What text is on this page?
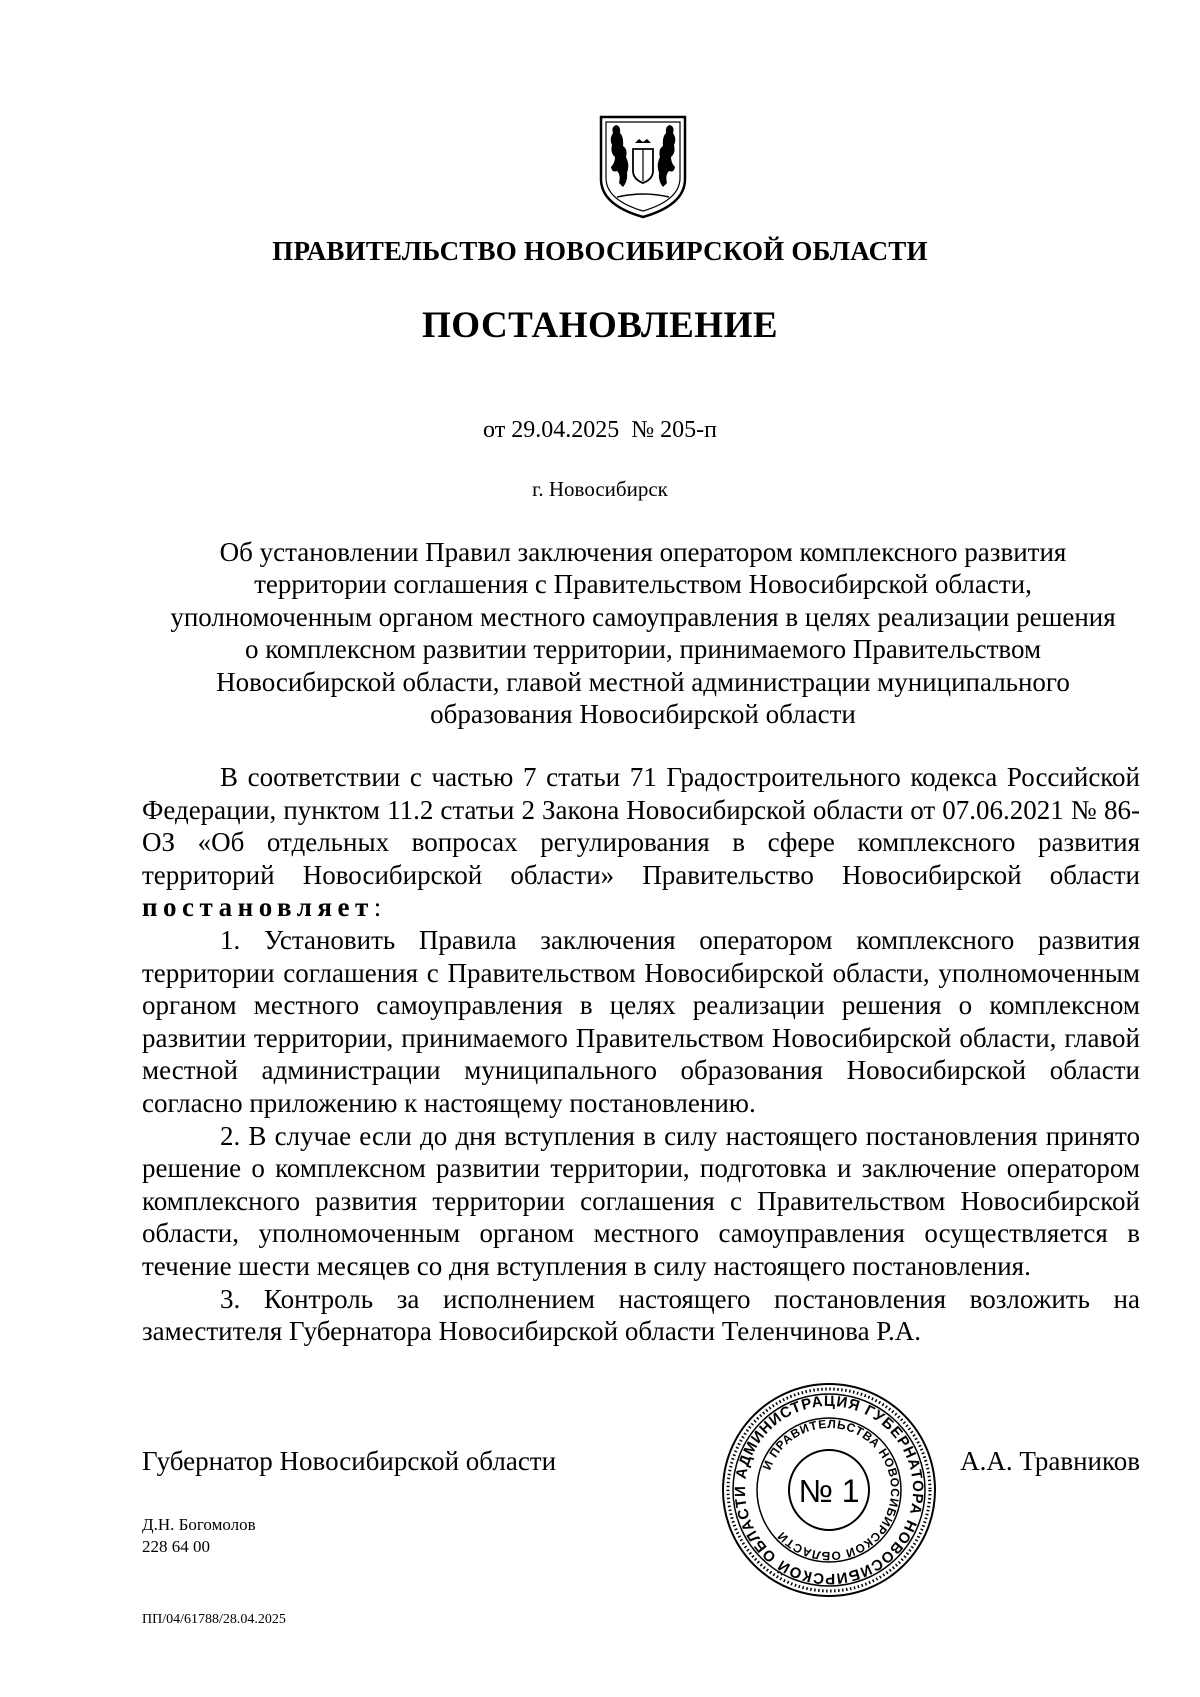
ПРАВИТЕЛЬСТВО НОВОСИБИРСКОЙ ОБЛАСТИ
ПОСТАНОВЛЕНИЕ
от 29.04.2025  № 205-п
г. Новосибирск
Об установлении Правил заключения оператором комплексного развития
территории соглашения с Правительством Новосибирской области,
уполномоченным органом местного самоуправления в целях реализации решения
о комплексном развитии территории, принимаемого Правительством
Новосибирской области, главой местной администрации муниципального
образования Новосибирской области

В соответствии с частью 7 статьи 71 Градостроительного кодекса Российской Федерации, пунктом 11.2 статьи 2 Закона Новосибирской области от 07.06.2021 № 86-ОЗ «Об отдельных вопросах регулирования в сфере комплексного развития территорий Новосибирской области» Правительство Новосибирской области

постановляет:

1. Установить Правила заключения оператором комплексного развития территории соглашения с Правительством Новосибирской области, уполномоченным органом местного самоуправления в целях реализации решения о комплексном развитии территории, принимаемого Правительством Новосибирской области, главой местной администрации муниципального образования Новосибирской области согласно приложению к настоящему постановлению.

2. В случае если до дня вступления в силу настоящего постановления принято решение о комплексном развитии территории, подготовка и заключение оператором комплексного развития территории соглашения с Правительством Новосибирской области, уполномоченным органом местного самоуправления осуществляется в течение шести месяцев со дня вступления в силу настоящего постановления.

3. Контроль за исполнением настоящего постановления возложить на заместителя Губернатора Новосибирской области Теленчинова Р.А.

Губернатор Новосибирской области	АДМИНИСТРАЦИЯ ГУБЕРНАТОРА НОВОСИБИРСКОЙ ОБЛАСТИ
И ПРАВИТЕЛЬСТВА НОВОСИБИРСКОЙ ОБЛАСТИ
№ 1
А.А. Травников
Д.Н. Богомолов
228 64 00
ПП/04/61788/28.04.2025
